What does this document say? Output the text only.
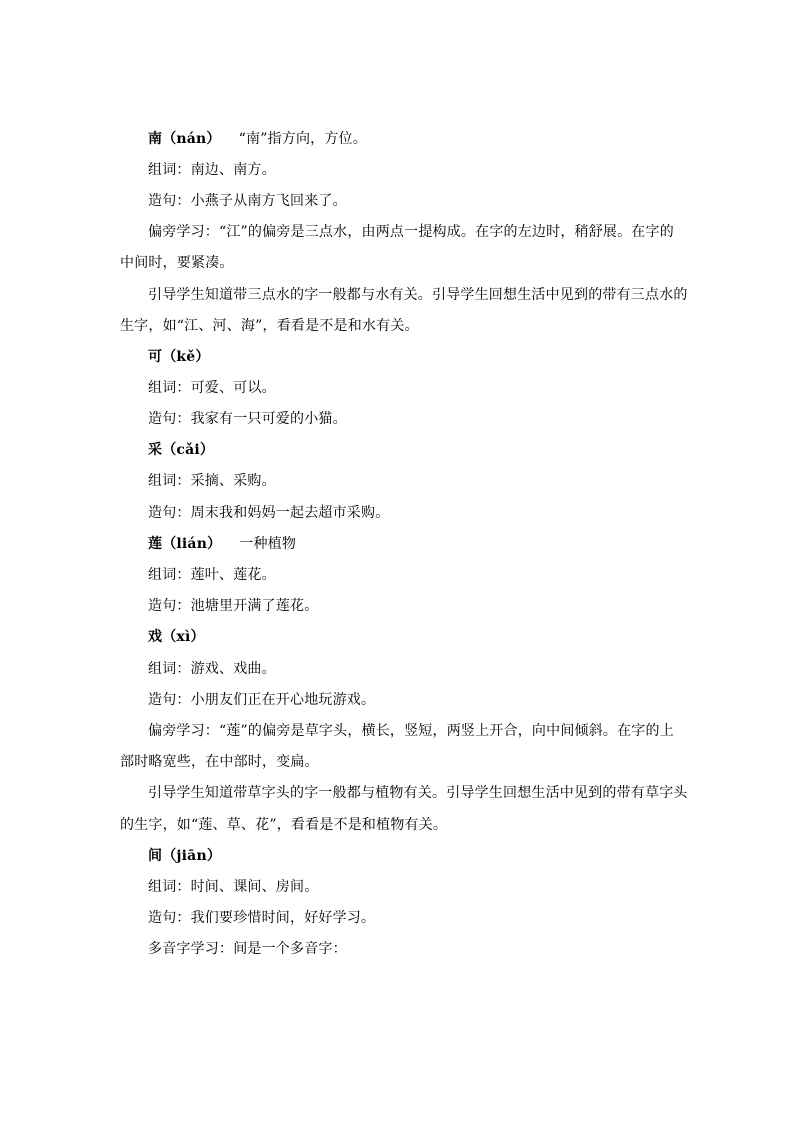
南（nán） “南”指方向，方位。
组词：南边、南方。
造句：小燕子从南方飞回来了。
偏旁学习：“江”的偏旁是三点水，由两点一提构成。在字的左边时，稍舒展。在字的
中间时，要紧凑。
引导学生知道带三点水的字一般都与水有关。引导学生回想生活中见到的带有三点水的
生字，如“江、河、海”，看看是不是和水有关。
可（kě）
组词：可爱、可以。
造句：我家有一只可爱的小猫。
采（cǎi）
组词：采摘、采购。
造句：周末我和妈妈一起去超市采购。
莲（lián） 一种植物
组词：莲叶、莲花。
造句：池塘里开满了莲花。
戏（xì）
组词：游戏、戏曲。
造句：小朋友们正在开心地玩游戏。
偏旁学习：“莲”的偏旁是草字头，横长，竖短，两竖上开合，向中间倾斜。在字的上
部时略宽些，在中部时，变扁。
引导学生知道带草字头的字一般都与植物有关。引导学生回想生活中见到的带有草字头
的生字，如“莲、草、花”，看看是不是和植物有关。
间（jiān）
组词：时间、课间、房间。
造句：我们要珍惜时间，好好学习。
多音字学习：间是一个多音字：
